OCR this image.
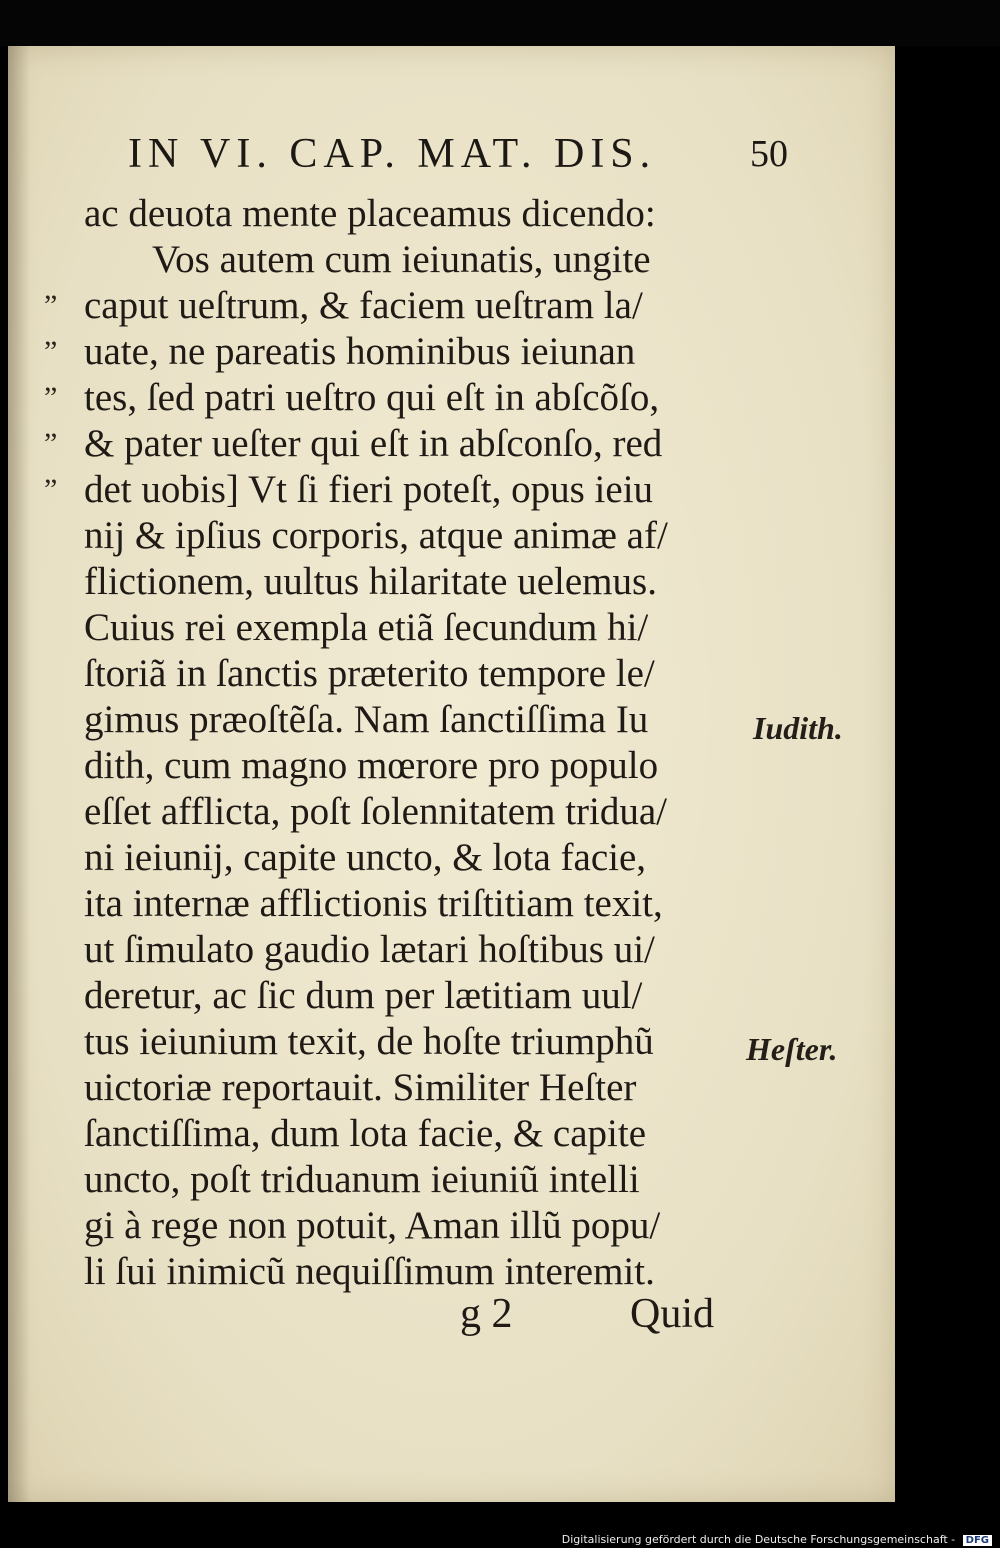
IN VI. CAP. MAT. DIS. 50
ac deuota mente placeamus dicendo:
Vos autem cum ieiunatis, ungite
” caput ueſtrum, & faciem ueſtram la/
” uate, ne pareatis hominibus ieiunan
” tes, ſed patri ueſtro qui eſt in abſcõſo,
” & pater ueſter qui eſt in abſconſo, red
” det uobis] Vt ſi fieri poteſt, opus ieiu
nij & ipſius corporis, atque animæ af/
flictionem, uultus hilaritate uelemus.
Cuius rei exempla etiã ſecundum hi/
ſtoriã in ſanctis præterito tempore le/
gimus præoſtẽſa. Nam ſanctiſſima Iu
dith, cum magno mœrore pro populo
eſſet afflicta, poſt ſolennitatem tridua/
ni ieiunij, capite uncto, & lota facie,
ita internæ afflictionis triſtitiam texit,
ut ſimulato gaudio lætari hoſtibus ui/
deretur, ac ſic dum per lætitiam uul/
tus ieiunium texit, de hoſte triumphũ
uictoriæ reportauit. Similiter Heſter
ſanctiſſima, dum lota facie, & capite
uncto, poſt triduanum ieiuniũ intelli
gi à rege non potuit, Aman illũ popu/
li ſui inimicũ nequiſſimum interemit.
Iudith.
Heſter.
g 2	Quid
Digitalisierung gefördert durch die Deutsche Forschungsgemeinschaft - DFG
